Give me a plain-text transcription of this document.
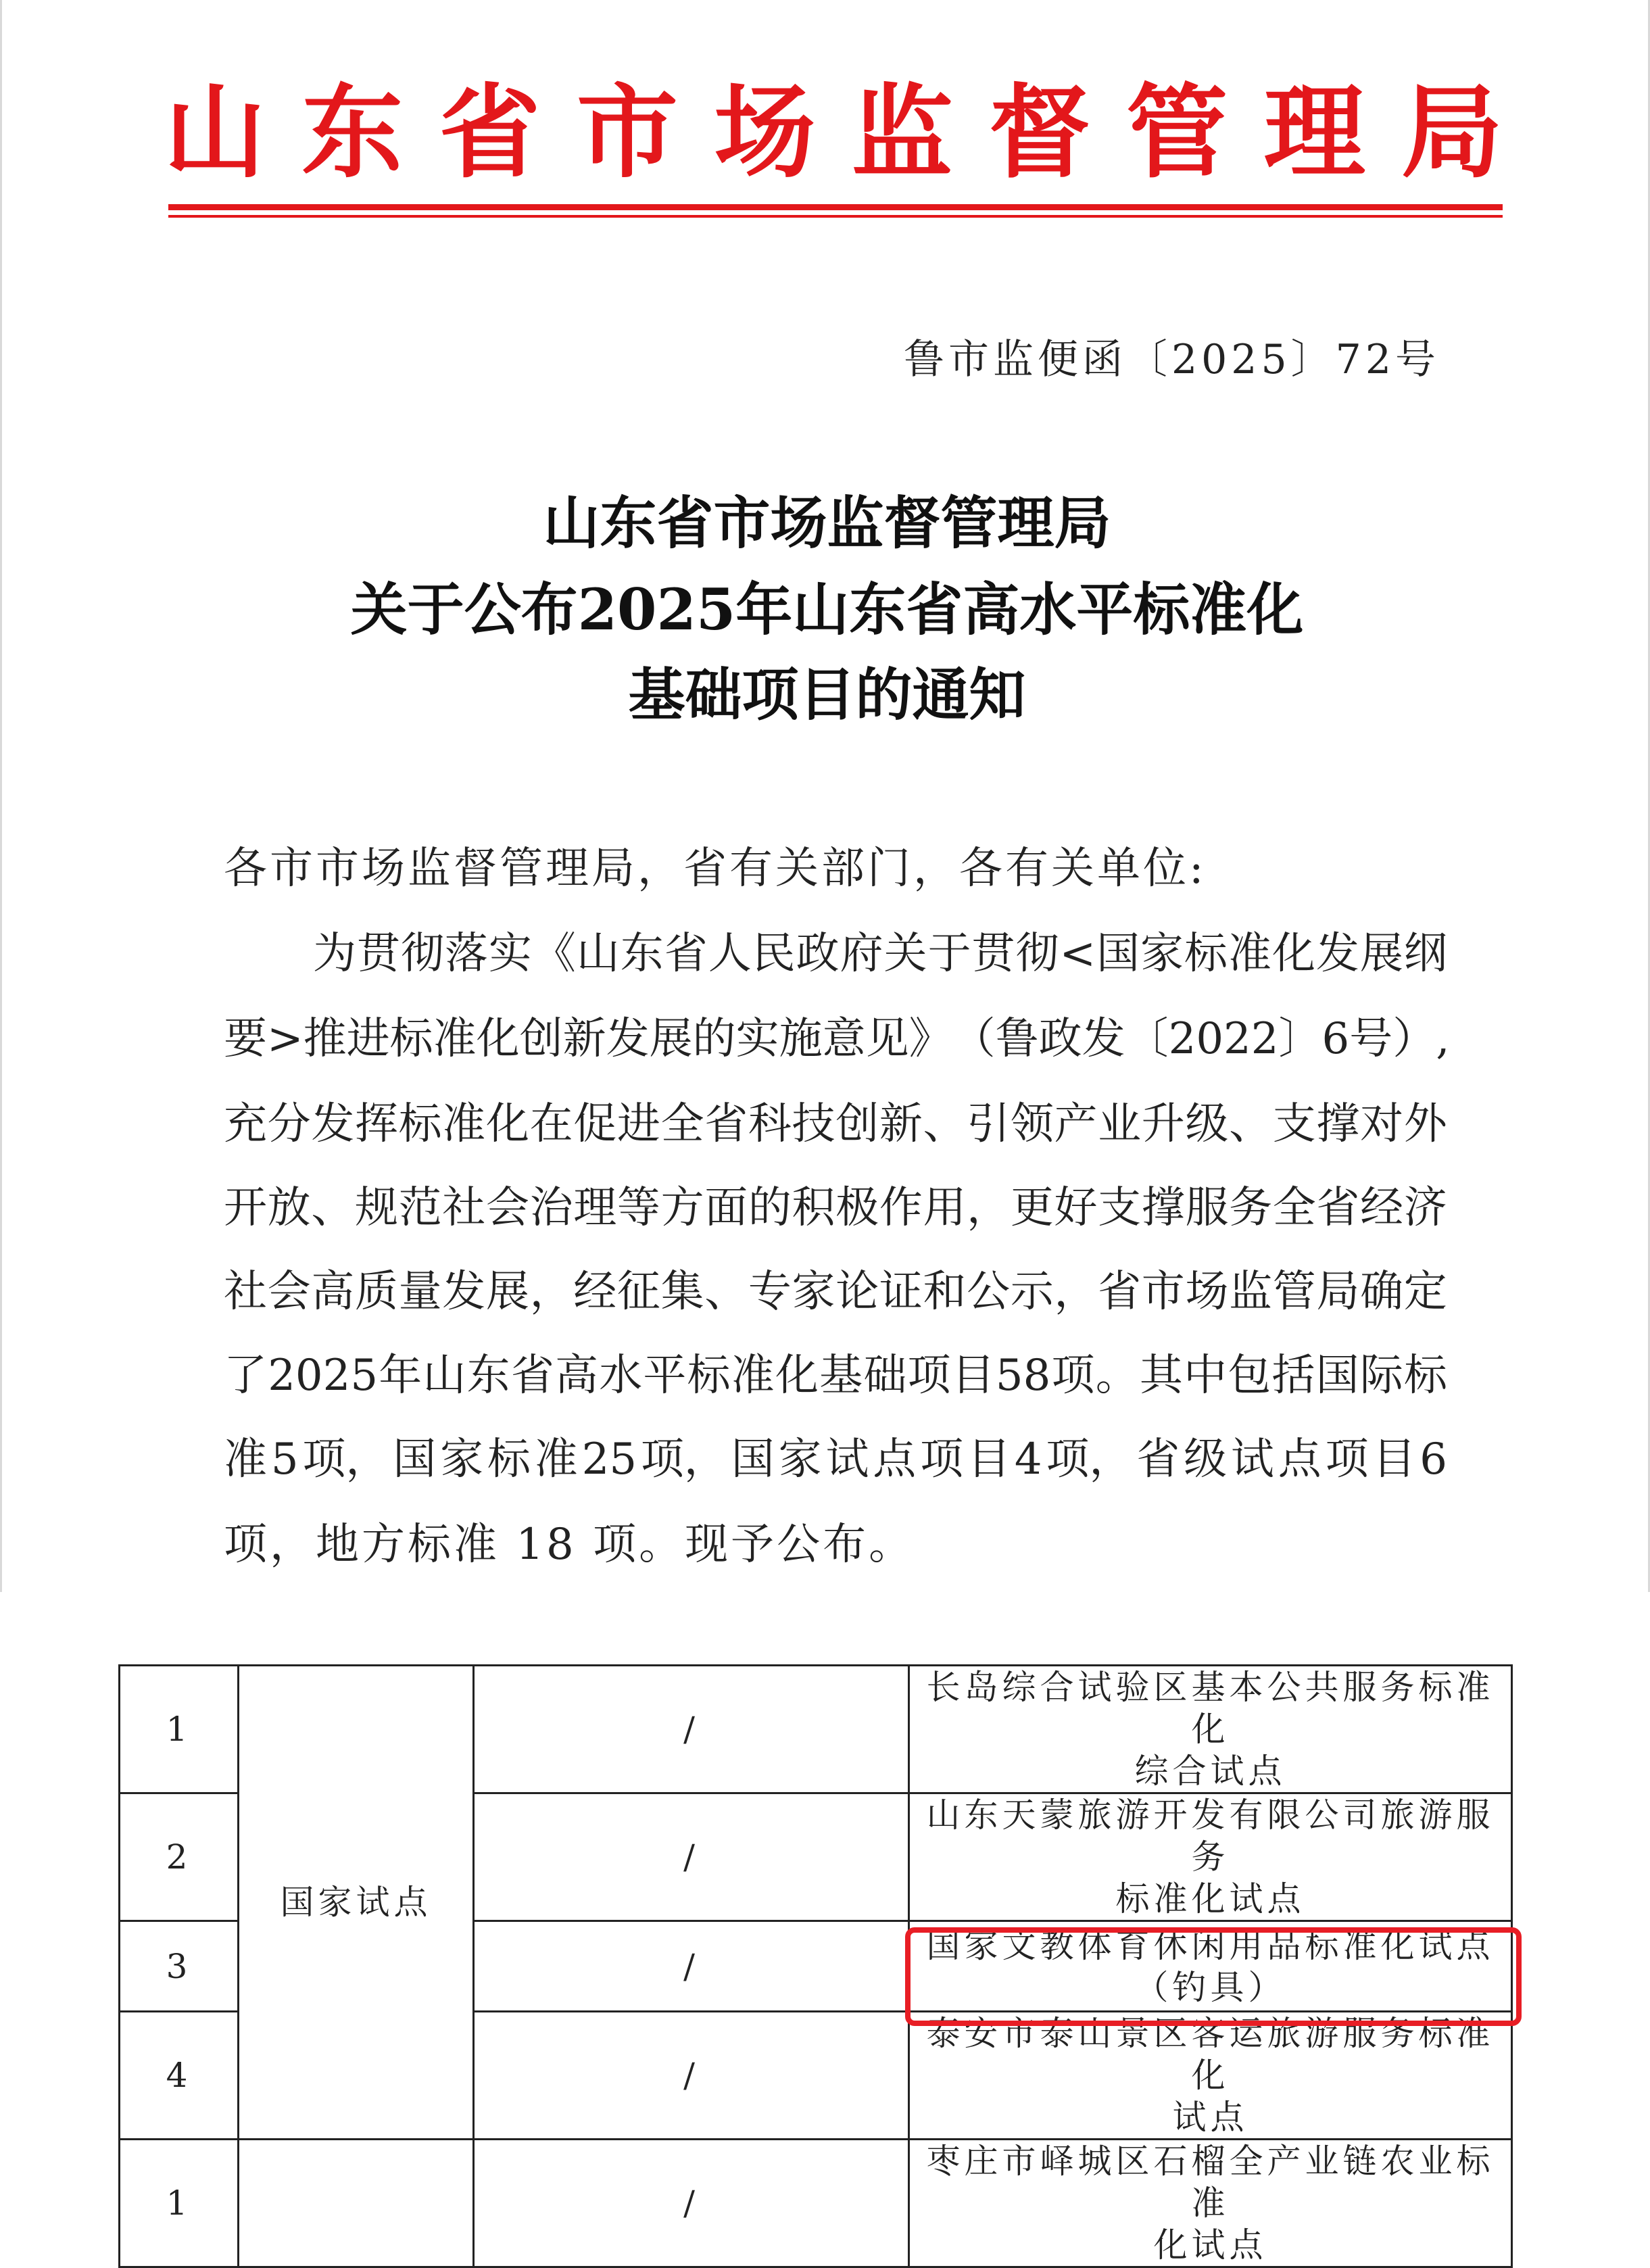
山 东 省 市 场 监 督 管 理 局
鲁市监便函〔2025〕72号
山东省市场监督管理局
关于公布2025年山东省高水平标准化
基础项目的通知
各市市场监督管理局，省有关部门，各有关单位:
为 贯 彻 落 实 《 山 东 省 人 民 政 府 关 于 贯 彻 < 国 家 标 准 化 发 展 纲
要 > 推 进 标 准 化 创 新 发 展 的 实 施 意 见 》 （ 鲁 政 发 〔2022〕 6 号 ） ,
充 分 发 挥 标 准 化 在 促 进 全 省 科 技 创 新 、 引 领 产 业 升 级 、 支 撑 对 外
开 放 、 规 范 社 会 治 理 等 方 面 的 积 极 作 用 ， 更 好 支 撑 服 务 全 省 经 济
社 会 高 质 量 发 展 ， 经 征 集 、 专 家 论 证 和 公 示 ， 省 市 场 监 管 局 确 定
了 2025 年 山 东 省 高 水 平 标 准 化 基 础 项 目 58 项 。 其 中 包 括 国 际 标
准 5 项， 国 家 标 准 25 项， 国 家 试 点 项 目 4 项， 省 级 试 点 项 目 6
项，地方标准 18 项。现予公布。
1	国家试点	/	长岛综合试验区基本公共服务标准化
综合试点

2		/	山东天蒙旅游开发有限公司旅游服务
标准化试点

3		/	国家文教体育休闲用品标准化试点
（钓具）

4		/	泰安市泰山景区客运旅游服务标准化
试点

1		/	枣庄市峄城区石榴全产业链农业标准
化试点
